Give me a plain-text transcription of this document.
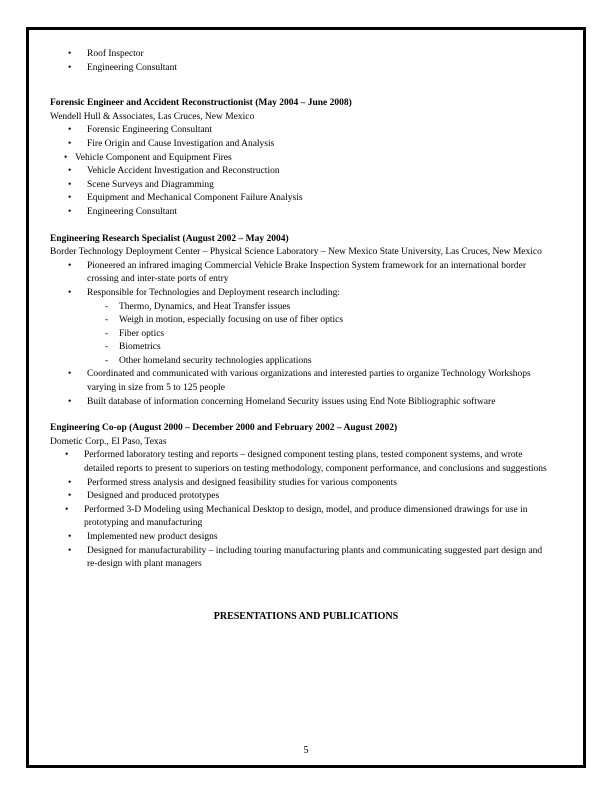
• Roof Inspector
• Engineering Consultant

Forensic Engineer and Accident Reconstructionist (May 2004 – June 2008)

Wendell Hull & Associates, Las Cruces, New Mexico

• Forensic Engineering Consultant
• Fire Origin and Cause Investigation and Analysis
• Vehicle Component and Equipment Fires
• Vehicle Accident Investigation and Reconstruction
• Scene Surveys and Diagramming
• Equipment and Mechanical Component Failure Analysis
• Engineering Consultant

Engineering Research Specialist (August 2002 – May 2004)

Border Technology Deployment Center – Physical Science Laboratory – New Mexico State University, Las Cruces, New Mexico

• Pioneered an infrared imaging Commercial Vehicle Brake Inspection System framework for an international border crossing and inter-state ports of entry
• Responsible for Technologies and Deployment research including:
- Thermo, Dynamics, and Heat Transfer issues
- Weigh in motion, especially focusing on use of fiber optics
- Fiber optics
- Biometrics
- Other homeland security technologies applications
• Coordinated and communicated with various organizations and interested parties to organize Technology Workshops varying in size from 5 to 125 people
• Built database of information concerning Homeland Security issues using End Note Bibliographic software

Engineering Co-op (August 2000 – December 2000 and February 2002 – August 2002)

Dometic Corp., El Paso, Texas

• Performed laboratory testing and reports – designed component testing plans, tested component systems, and wrote detailed reports to present to superiors on testing methodology, component performance, and conclusions and suggestions
• Performed stress analysis and designed feasibility studies for various components
• Designed and produced prototypes
• Performed 3-D Modeling using Mechanical Desktop to design, model, and produce dimensioned drawings for use in prototyping and manufacturing
• Implemented new product designs
• Designed for manufacturability – including touring manufacturing plants and communicating suggested part design and re-design with plant managers
PRESENTATIONS AND PUBLICATIONS
5
